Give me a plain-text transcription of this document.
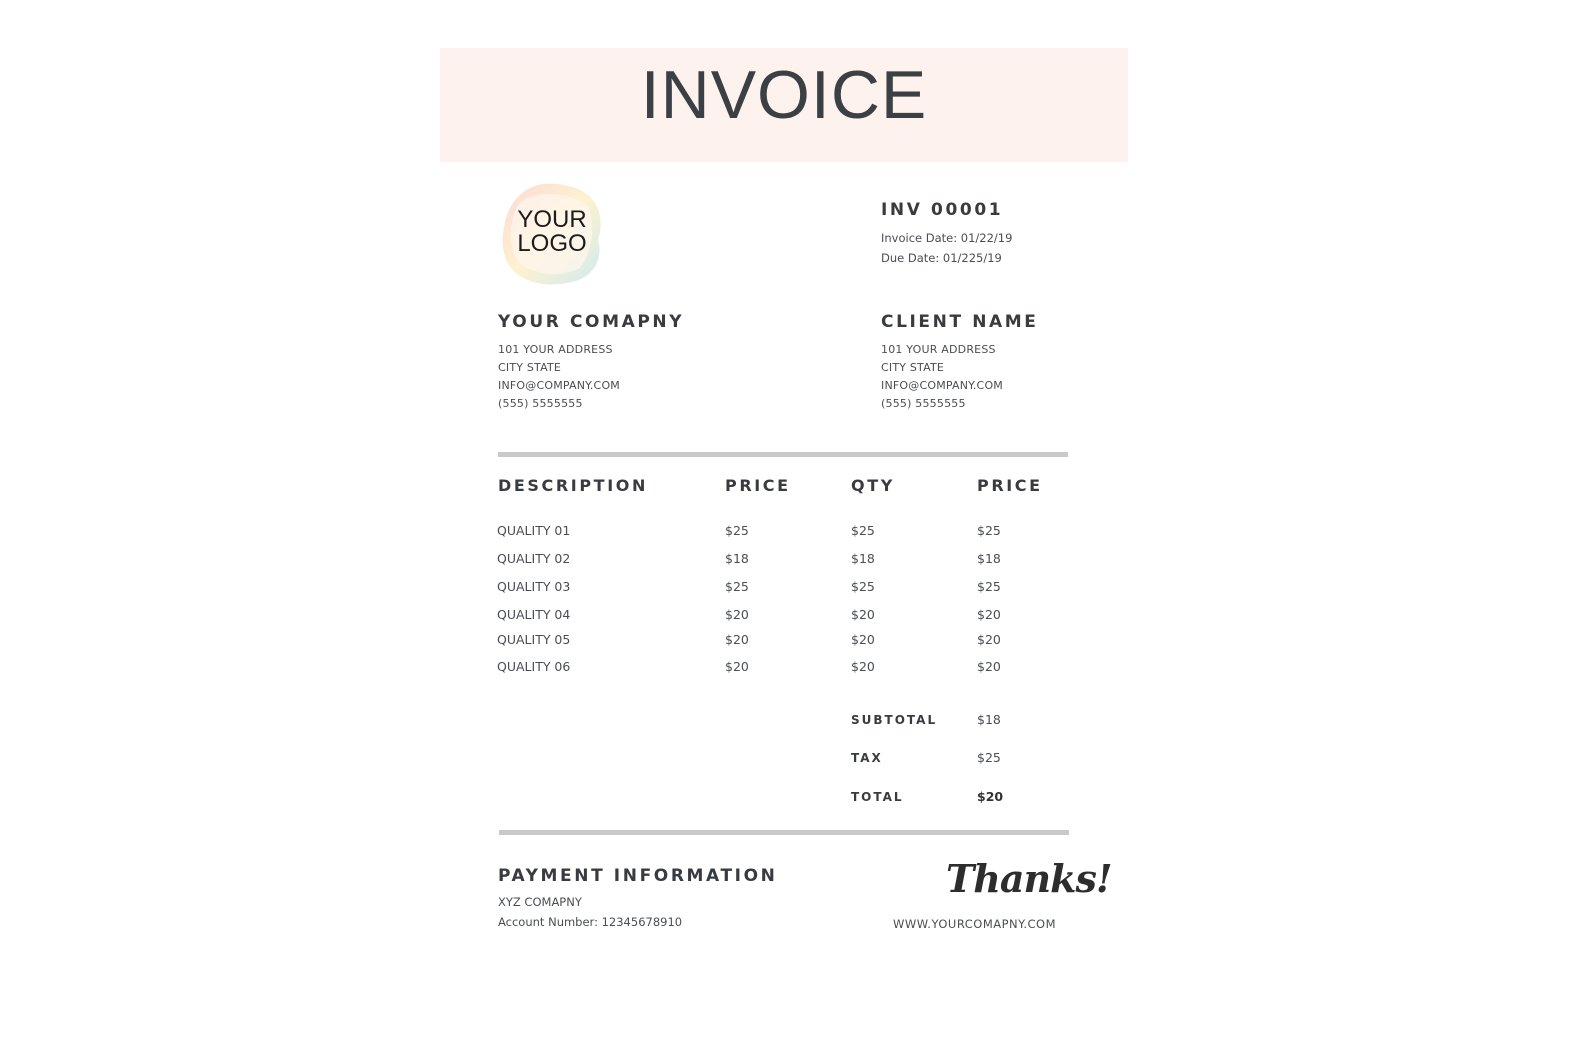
INVOICE
YOUR
LOGO
INV 00001
Invoice Date: 01/22/19
Due Date: 01/225/19
YOUR COMAPNY
101 YOUR ADDRESS
CITY STATE
INFO@COMPANY.COM
(555) 5555555
CLIENT NAME
101 YOUR ADDRESS
CITY STATE
INFO@COMPANY.COM
(555) 5555555
DESCRIPTION	PRICE	QTY	PRICE
QUALITY 01	$25	$25	$25
QUALITY 02	$18	$18	$18
QUALITY 03	$25	$25	$25
QUALITY 04	$20	$20	$20
QUALITY 05	$20	$20	$20
QUALITY 06	$20	$20	$20
SUBTOTAL	$18
TAX	$25
TOTAL	$20
PAYMENT INFORMATION
XYZ COMAPNY
Account Number: 12345678910
Thanks!
WWW.YOURCOMAPNY.COM
